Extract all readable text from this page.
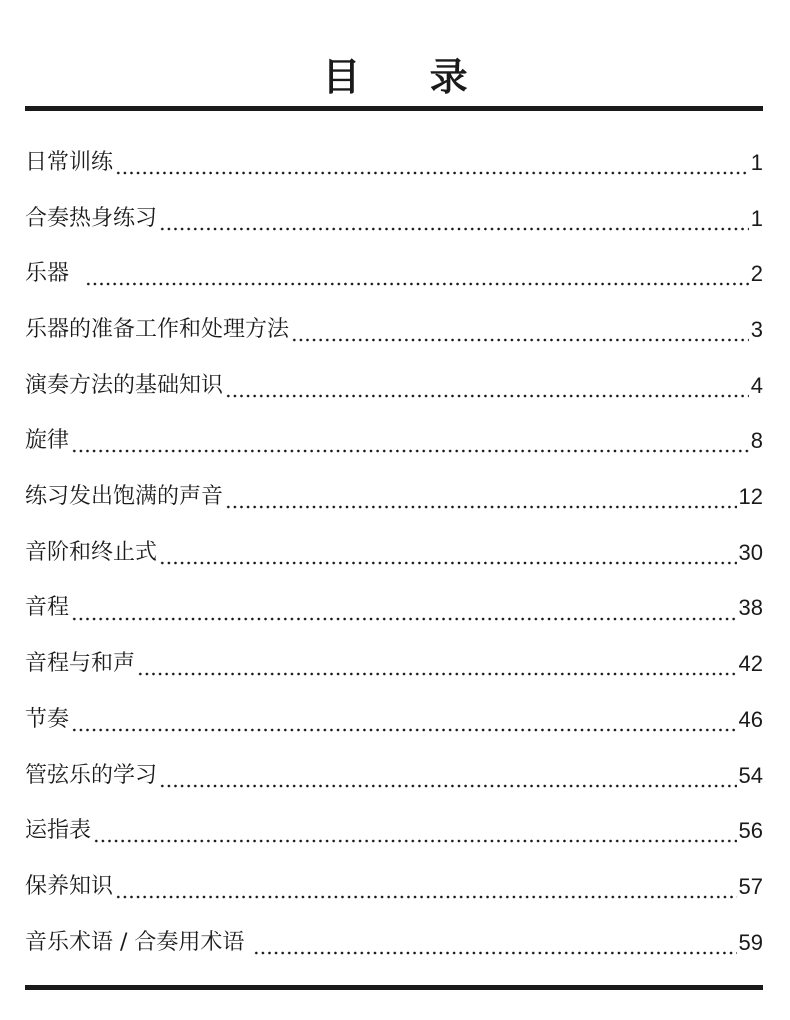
目 录
日常训练	1
合奏热身练习	1
乐器	2
乐器的准备工作和处理方法	3
演奏方法的基础知识	4
旋律	8
练习发出饱满的声音	12
音阶和终止式	30
音程	38
音程与和声	42
节奏	46
管弦乐的学习	54
运指表	56
保养知识	57
音乐术语 / 合奏用术语	59
